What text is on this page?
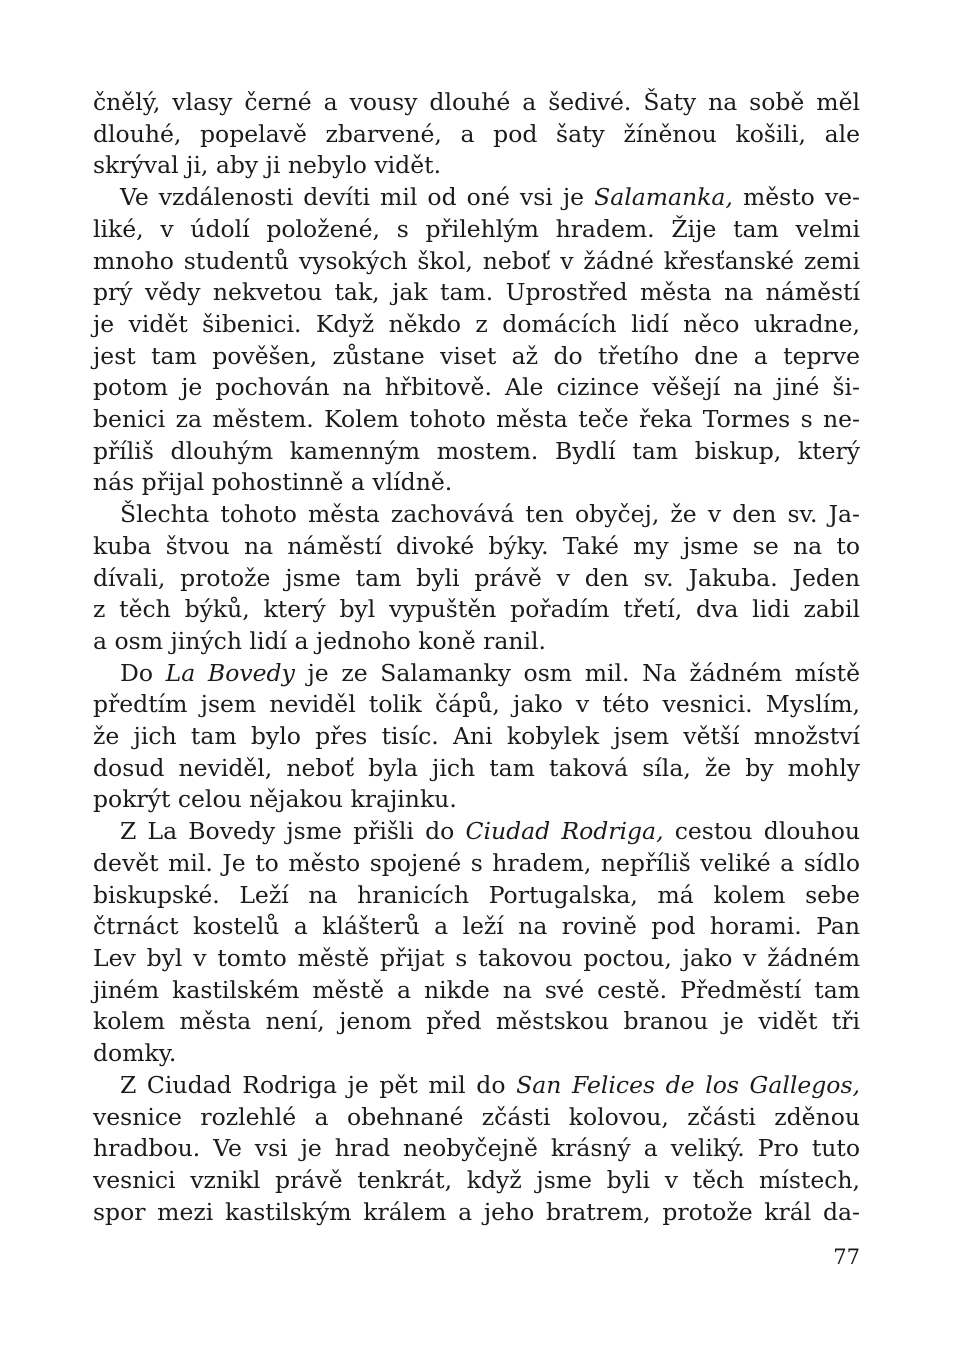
čnělý, vlasy černé a vousy dlouhé a šedivé. Šaty na sobě měl
dlouhé, popelavě zbarvené, a pod šaty žíněnou košili, ale
skrýval ji, aby ji nebylo vidět.
Ve vzdálenosti devíti mil od oné vsi je Salamanka, město ve-
liké, v údolí položené, s přilehlým hradem. Žije tam velmi
mnoho studentů vysokých škol, neboť v žádné křesťanské zemi
prý vědy nekvetou tak, jak tam. Uprostřed města na náměstí
je vidět šibenici. Když někdo z domácích lidí něco ukradne,
jest tam pověšen, zůstane viset až do třetího dne a teprve
potom je pochován na hřbitově. Ale cizince věšejí na jiné ši-
benici za městem. Kolem tohoto města teče řeka Tormes s ne-
příliš dlouhým kamenným mostem. Bydlí tam biskup, který
nás přijal pohostinně a vlídně.
Šlechta tohoto města zachovává ten obyčej, že v den sv. Ja-
kuba štvou na náměstí divoké býky. Také my jsme se na to
dívali, protože jsme tam byli právě v den sv. Jakuba. Jeden
z těch býků, který byl vypuštěn pořadím třetí, dva lidi zabil
a osm jiných lidí a jednoho koně ranil.
Do La Bovedy je ze Salamanky osm mil. Na žádném místě
předtím jsem neviděl tolik čápů, jako v této vesnici. Myslím,
že jich tam bylo přes tisíc. Ani kobylek jsem větší množství
dosud neviděl, neboť byla jich tam taková síla, že by mohly
pokrýt celou nějakou krajinku.
Z La Bovedy jsme přišli do Ciudad Rodriga, cestou dlouhou
devět mil. Je to město spojené s hradem, nepříliš veliké a sídlo
biskupské. Leží na hranicích Portugalska, má kolem sebe
čtrnáct kostelů a klášterů a leží na rovině pod horami. Pan
Lev byl v tomto městě přijat s takovou poctou, jako v žádném
jiném kastilském městě a nikde na své cestě. Předměstí tam
kolem města není, jenom před městskou branou je vidět tři
domky.
Z Ciudad Rodriga je pět mil do San Felices de los Gallegos,
vesnice rozlehlé a obehnané zčásti kolovou, zčásti zděnou
hradbou. Ve vsi je hrad neobyčejně krásný a veliký. Pro tuto
vesnici vznikl právě tenkrát, když jsme byli v těch místech,
spor mezi kastilským králem a jeho bratrem, protože král da-
77
